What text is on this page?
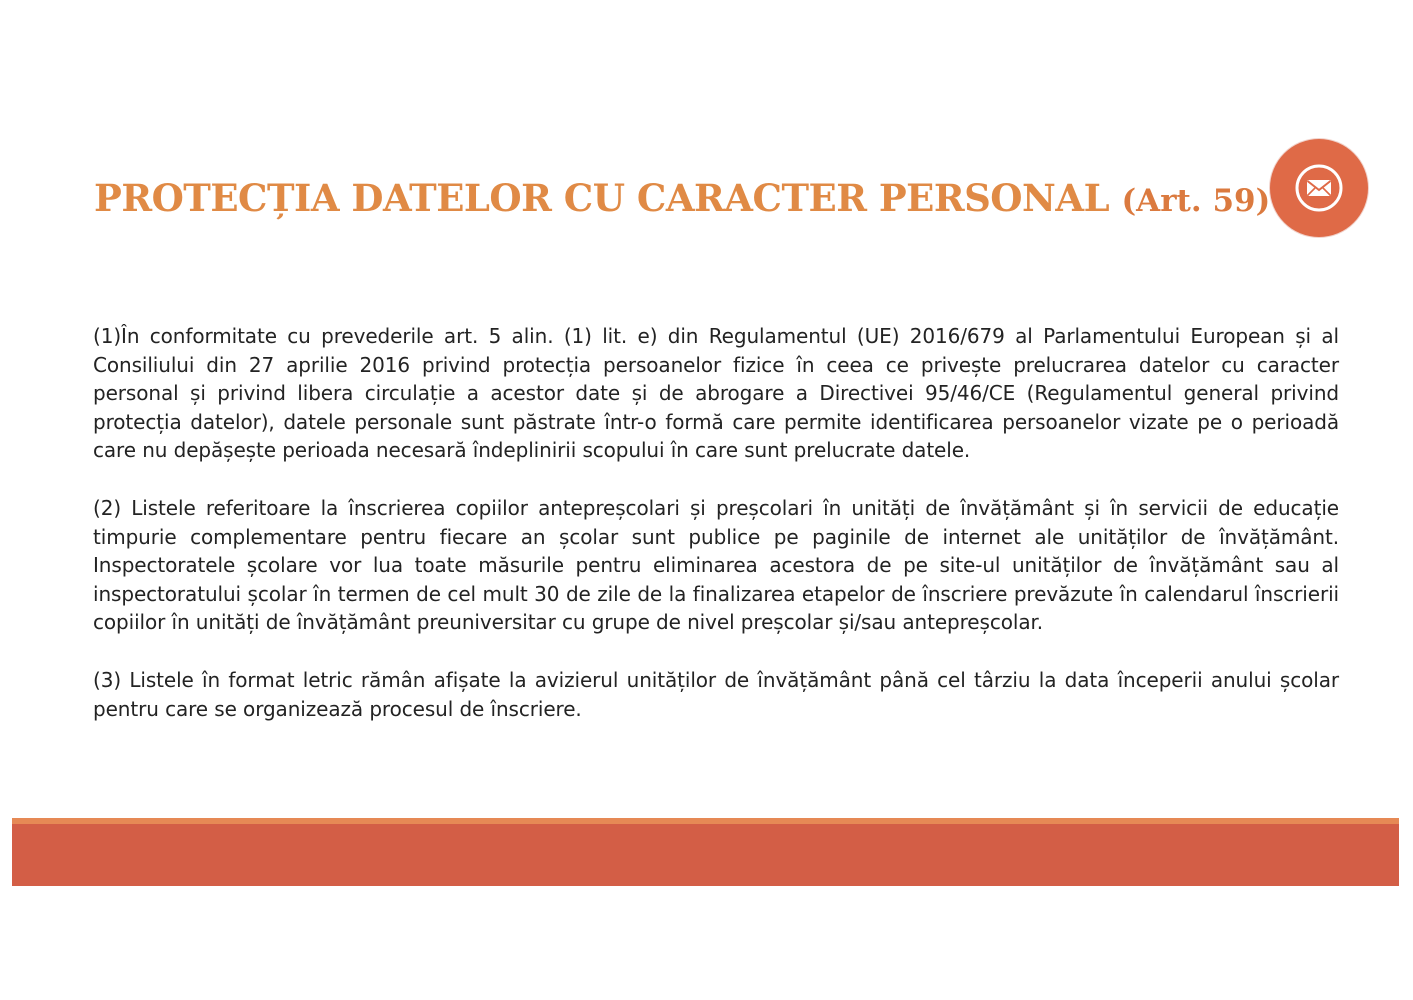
PROTECȚIA DATELOR CU CARACTER PERSONAL (Art. 59)

(1)În conformitate cu prevederile art. 5 alin. (1) lit. e) din Regulamentul (UE) 2016/679 al Parlamentului European și al Consiliului din 27 aprilie 2016 privind protecția persoanelor fizice în ceea ce privește prelucrarea datelor cu caracter personal și privind libera circulație a acestor date și de abrogare a Directivei 95/46/CE (Regulamentul general privind protecția datelor), datele personale sunt păstrate într-o formă care permite identificarea persoanelor vizate pe o perioadă care nu depășește perioada necesară îndeplinirii scopului în care sunt prelucrate datele.

(2) Listele referitoare la înscrierea copiilor antepreșcolari și preșcolari în unități de învățământ și în servicii de educație timpurie complementare pentru fiecare an școlar sunt publice pe paginile de internet ale unităților de învățământ. Inspectoratele școlare vor lua toate măsurile pentru eliminarea acestora de pe site-ul unităților de învățământ sau al inspectoratului școlar în termen de cel mult 30 de zile de la finalizarea etapelor de înscriere prevăzute în calendarul înscrierii copiilor în unități de învățământ preuniversitar cu grupe de nivel preșcolar și/sau antepreșcolar.

(3) Listele în format letric rămân afișate la avizierul unităților de învățământ până cel târziu la data începerii anului școlar pentru care se organizează procesul de înscriere.
